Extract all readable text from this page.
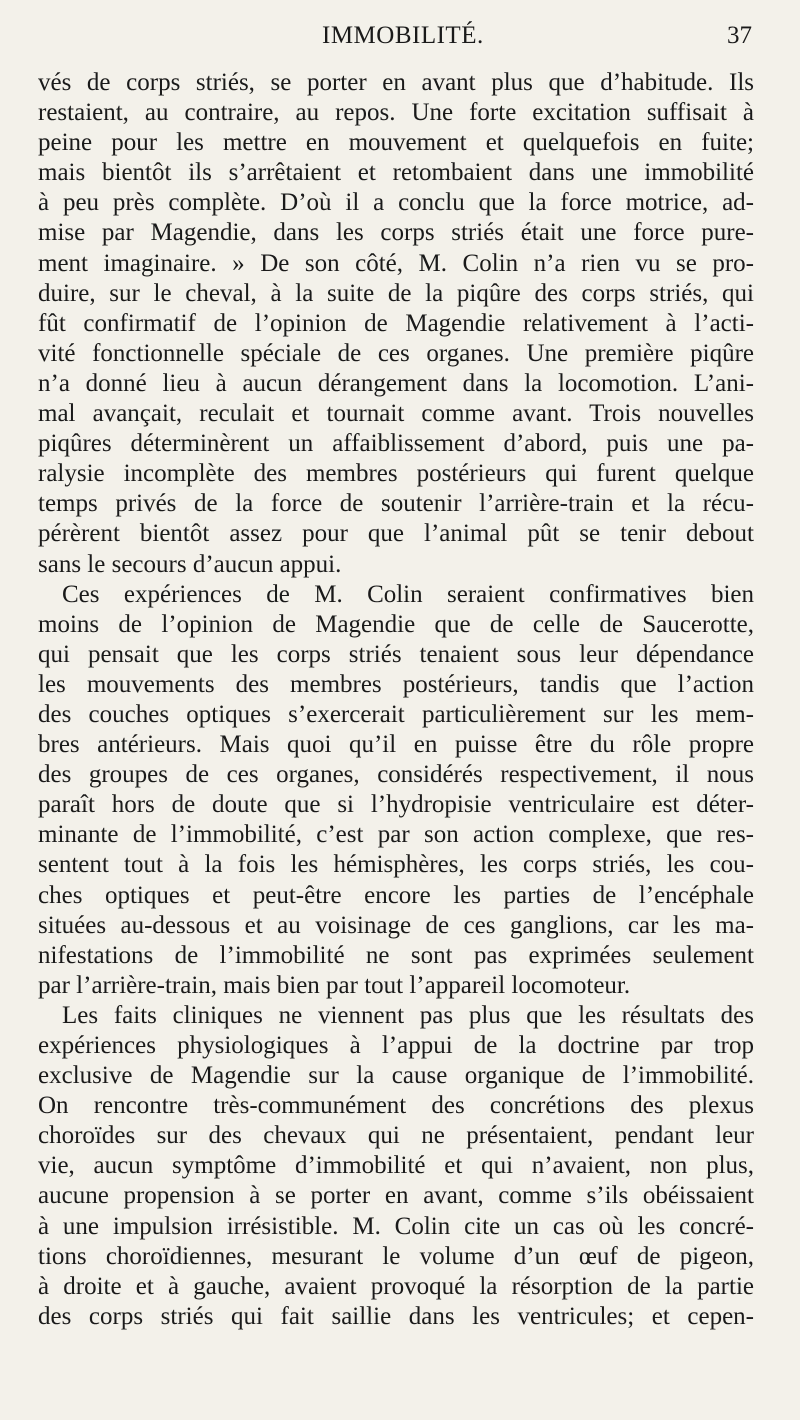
IMMOBILITÉ.	37
vés de corps striés, se porter en avant plus que d’habitude. Ils
restaient, au contraire, au repos. Une forte excitation suffisait à
peine pour les mettre en mouvement et quelquefois en fuite;
mais bientôt ils s’arrêtaient et retombaient dans une immobilité
à peu près complète. D’où il a conclu que la force motrice, ad-
mise par Magendie, dans les corps striés était une force pure-
ment imaginaire. » De son côté, M. Colin n’a rien vu se pro-
duire, sur le cheval, à la suite de la piqûre des corps striés, qui
fût confirmatif de l’opinion de Magendie relativement à l’acti-
vité fonctionnelle spéciale de ces organes. Une première piqûre
n’a donné lieu à aucun dérangement dans la locomotion. L’ani-
mal avançait, reculait et tournait comme avant. Trois nouvelles
piqûres déterminèrent un affaiblissement d’abord, puis une pa-
ralysie incomplète des membres postérieurs qui furent quelque
temps privés de la force de soutenir l’arrière-train et la récu-
pérèrent bientôt assez pour que l’animal pût se tenir debout
sans le secours d’aucun appui.
Ces expériences de M. Colin seraient confirmatives bien
moins de l’opinion de Magendie que de celle de Saucerotte,
qui pensait que les corps striés tenaient sous leur dépendance
les mouvements des membres postérieurs, tandis que l’action
des couches optiques s’exercerait particulièrement sur les mem-
bres antérieurs. Mais quoi qu’il en puisse être du rôle propre
des groupes de ces organes, considérés respectivement, il nous
paraît hors de doute que si l’hydropisie ventriculaire est déter-
minante de l’immobilité, c’est par son action complexe, que res-
sentent tout à la fois les hémisphères, les corps striés, les cou-
ches optiques et peut-être encore les parties de l’encéphale
situées au-dessous et au voisinage de ces ganglions, car les ma-
nifestations de l’immobilité ne sont pas exprimées seulement
par l’arrière-train, mais bien par tout l’appareil locomoteur.
Les faits cliniques ne viennent pas plus que les résultats des
expériences physiologiques à l’appui de la doctrine par trop
exclusive de Magendie sur la cause organique de l’immobilité.
On rencontre très-communément des concrétions des plexus
choroïdes sur des chevaux qui ne présentaient, pendant leur
vie, aucun symptôme d’immobilité et qui n’avaient, non plus,
aucune propension à se porter en avant, comme s’ils obéissaient
à une impulsion irrésistible. M. Colin cite un cas où les concré-
tions choroïdiennes, mesurant le volume d’un œuf de pigeon,
à droite et à gauche, avaient provoqué la résorption de la partie
des corps striés qui fait saillie dans les ventricules; et cepen-
